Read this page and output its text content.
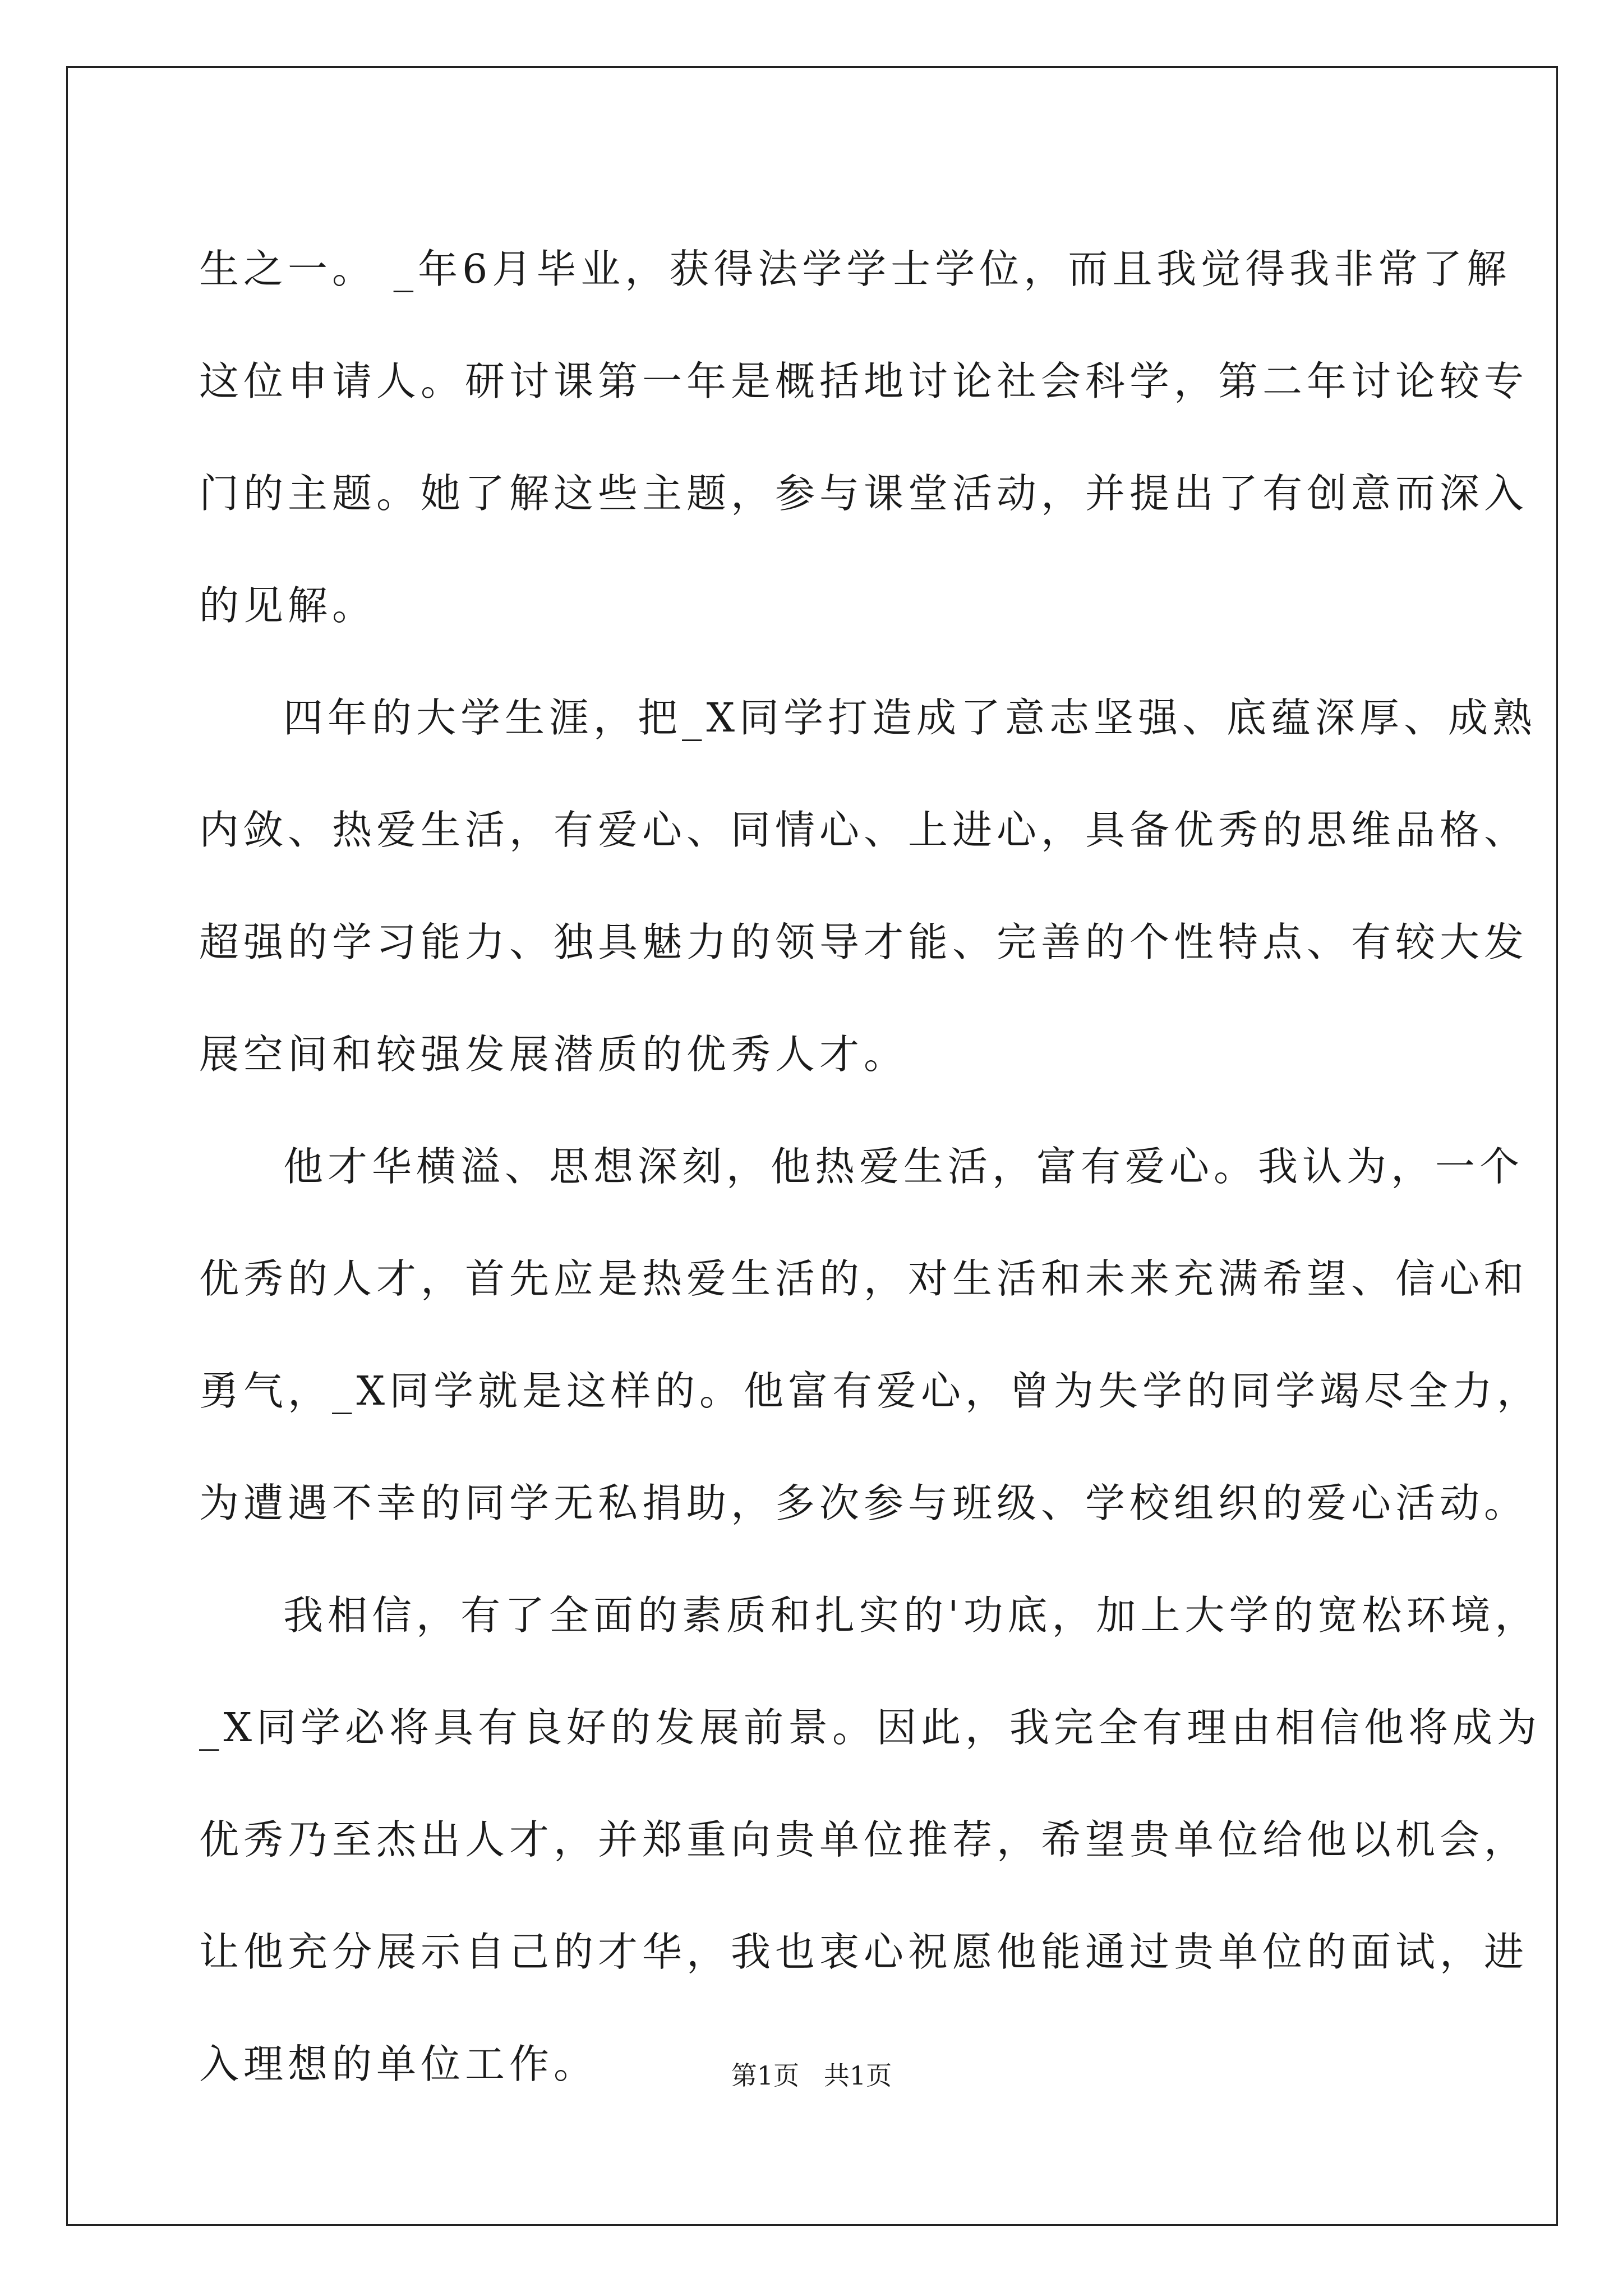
生之一。 _年6月毕业，获得法学学士学位，而且我觉得我非常了解
这位申请人。研讨课第一年是概括地讨论社会科学，第二年讨论较专
门的主题。她了解这些主题，参与课堂活动，并提出了有创意而深入
的见解。
四年的大学生涯，把_X同学打造成了意志坚强、底蕴深厚、成熟
内敛、热爱生活，有爱心、同情心、上进心，具备优秀的思维品格、
超强的学习能力、独具魅力的领导才能、完善的个性特点、有较大发
展空间和较强发展潜质的优秀人才。
他才华横溢、思想深刻，他热爱生活，富有爱心。我认为，一个
优秀的人才，首先应是热爱生活的，对生活和未来充满希望、信心和
勇气，_X同学就是这样的。他富有爱心，曾为失学的同学竭尽全力，
为遭遇不幸的同学无私捐助，多次参与班级、学校组织的爱心活动。
我相信，有了全面的素质和扎实的'功底，加上大学的宽松环境，
_X同学必将具有良好的发展前景。因此，我完全有理由相信他将成为
优秀乃至杰出人才，并郑重向贵单位推荐，希望贵单位给他以机会，
让他充分展示自己的才华，我也衷心祝愿他能通过贵单位的面试，进
入理想的单位工作。	第1页   共1页
